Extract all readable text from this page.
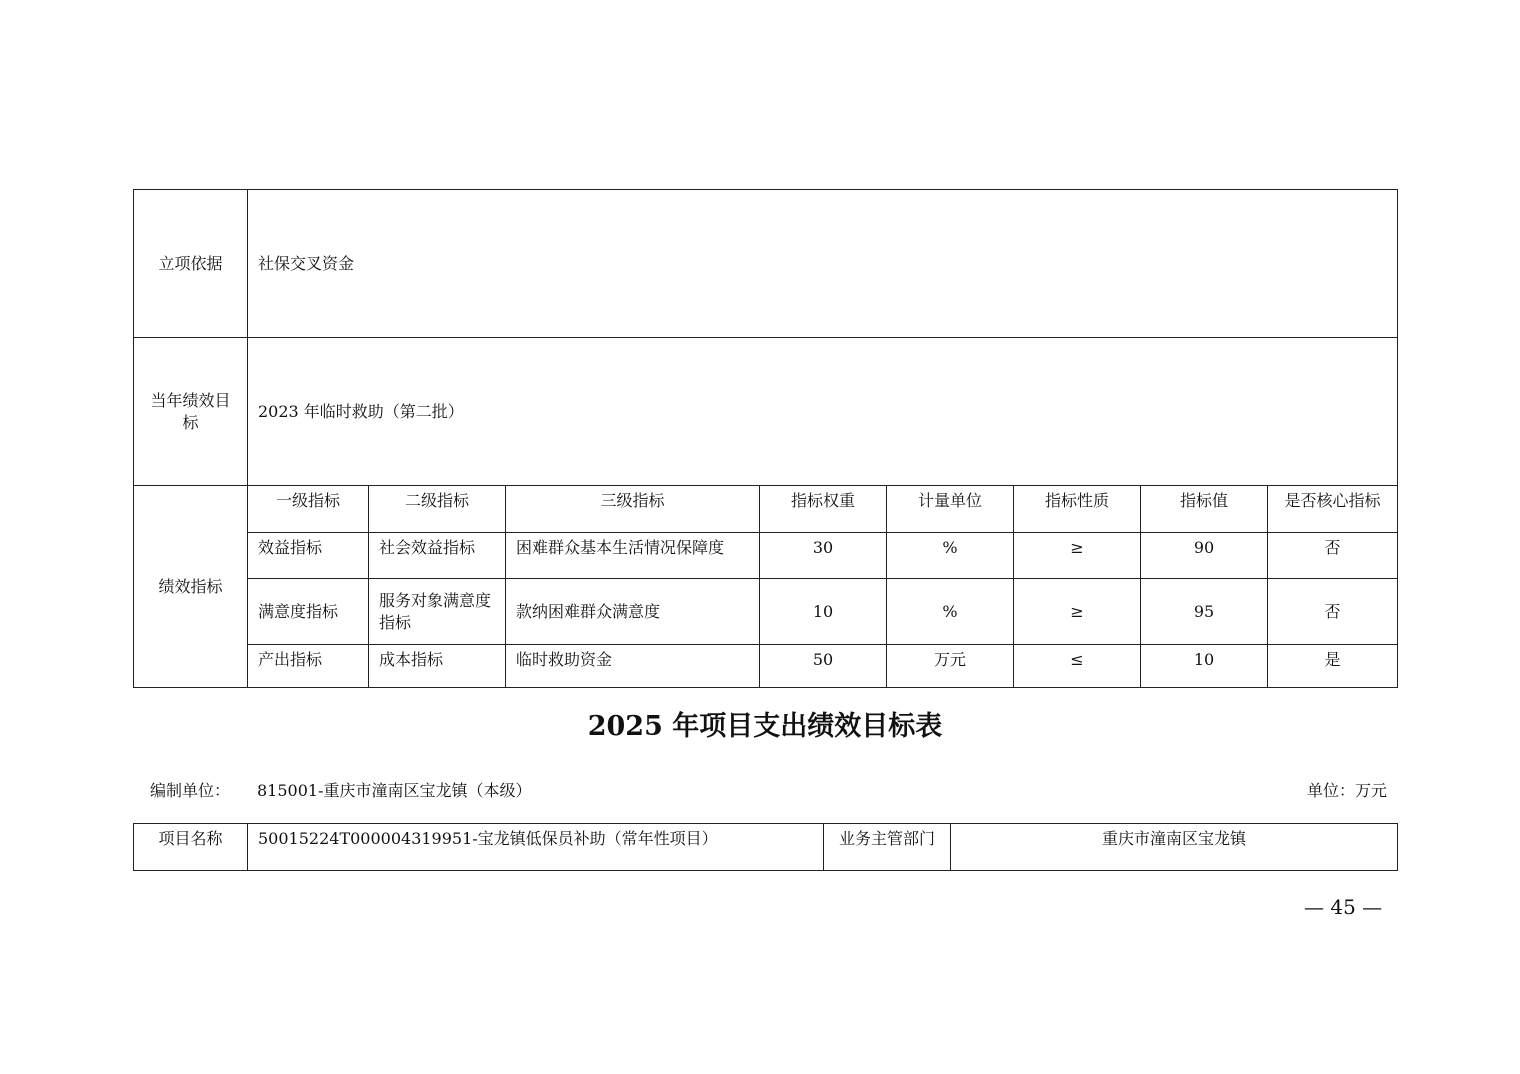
立项依据	社保交叉资金							
当年绩效目标	2023 年临时救助（第二批）							
绩效指标	一级指标	二级指标	三级指标	指标权重	计量单位	指标性质	指标值	是否核心指标
	效益指标	社会效益指标	困难群众基本生活情况保障度	30	%	≥	90	否
	满意度指标	服务对象满意度指标	款纳困难群众满意度	10	%	≥	95	否
	产出指标	成本指标	临时救助资金	50	万元	≤	10	是
2025 年项目支出绩效目标表
编制单位： 815001-重庆市潼南区宝龙镇（本级）	单位：万元
项目名称	50015224T000004319951-宝龙镇低保员补助（常年性项目）	业务主管部门	重庆市潼南区宝龙镇
— 45 —
